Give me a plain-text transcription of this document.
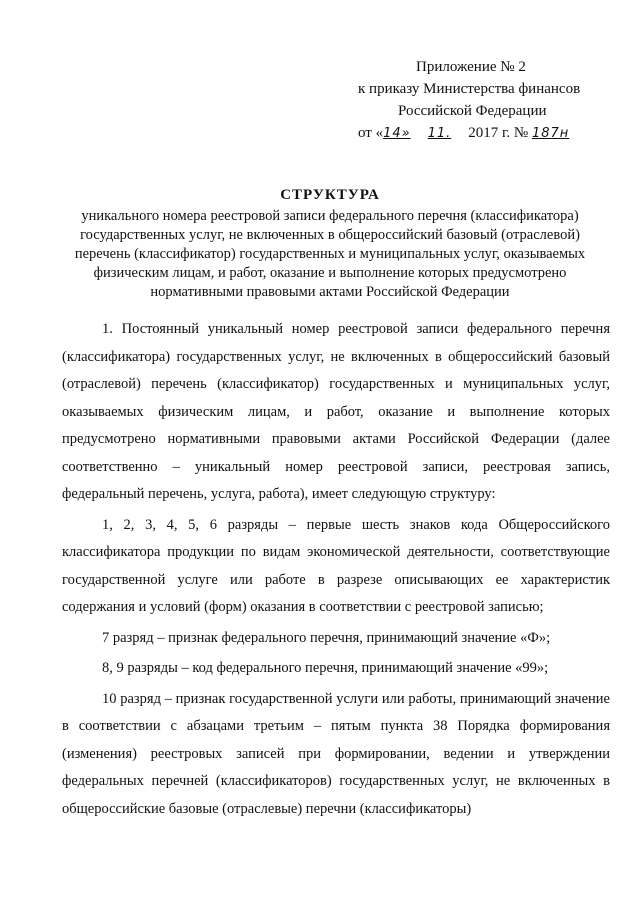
Приложение № 2
к приказу Министерства финансов
Российской Федерации
от «14» 11. 2017 г. № 187н
СТРУКТУРА
уникального номера реестровой записи федерального перечня (классификатора) государственных услуг, не включенных в общероссийский базовый (отраслевой) перечень (классификатор) государственных и муниципальных услуг, оказываемых физическим лицам, и работ, оказание и выполнение которых предусмотрено нормативными правовыми актами Российской Федерации

1. Постоянный уникальный номер реестровой записи федерального перечня (классификатора) государственных услуг, не включенных в общероссийский базовый (отраслевой) перечень (классификатор) государственных и муниципальных услуг, оказываемых физическим лицам, и работ, оказание и выполнение которых предусмотрено нормативными правовыми актами Российской Федерации (далее соответственно – уникальный номер реестровой записи, реестровая запись, федеральный перечень, услуга, работа), имеет следующую структуру:

1, 2, 3, 4, 5, 6 разряды – первые шесть знаков кода Общероссийского классификатора продукции по видам экономической деятельности, соответствующие государственной услуге или работе в разрезе описывающих ее характеристик содержания и условий (форм) оказания в соответствии с реестровой записью;

7 разряд – признак федерального перечня, принимающий значение «Ф»;

8, 9 разряды – код федерального перечня, принимающий значение «99»;

10 разряд – признак государственной услуги или работы, принимающий значение в соответствии с абзацами третьим – пятым пункта 38 Порядка формирования (изменения) реестровых записей при формировании, ведении и утверждении федеральных перечней (классификаторов) государственных услуг, не включенных в общероссийские базовые (отраслевые) перечни (классификаторы)
